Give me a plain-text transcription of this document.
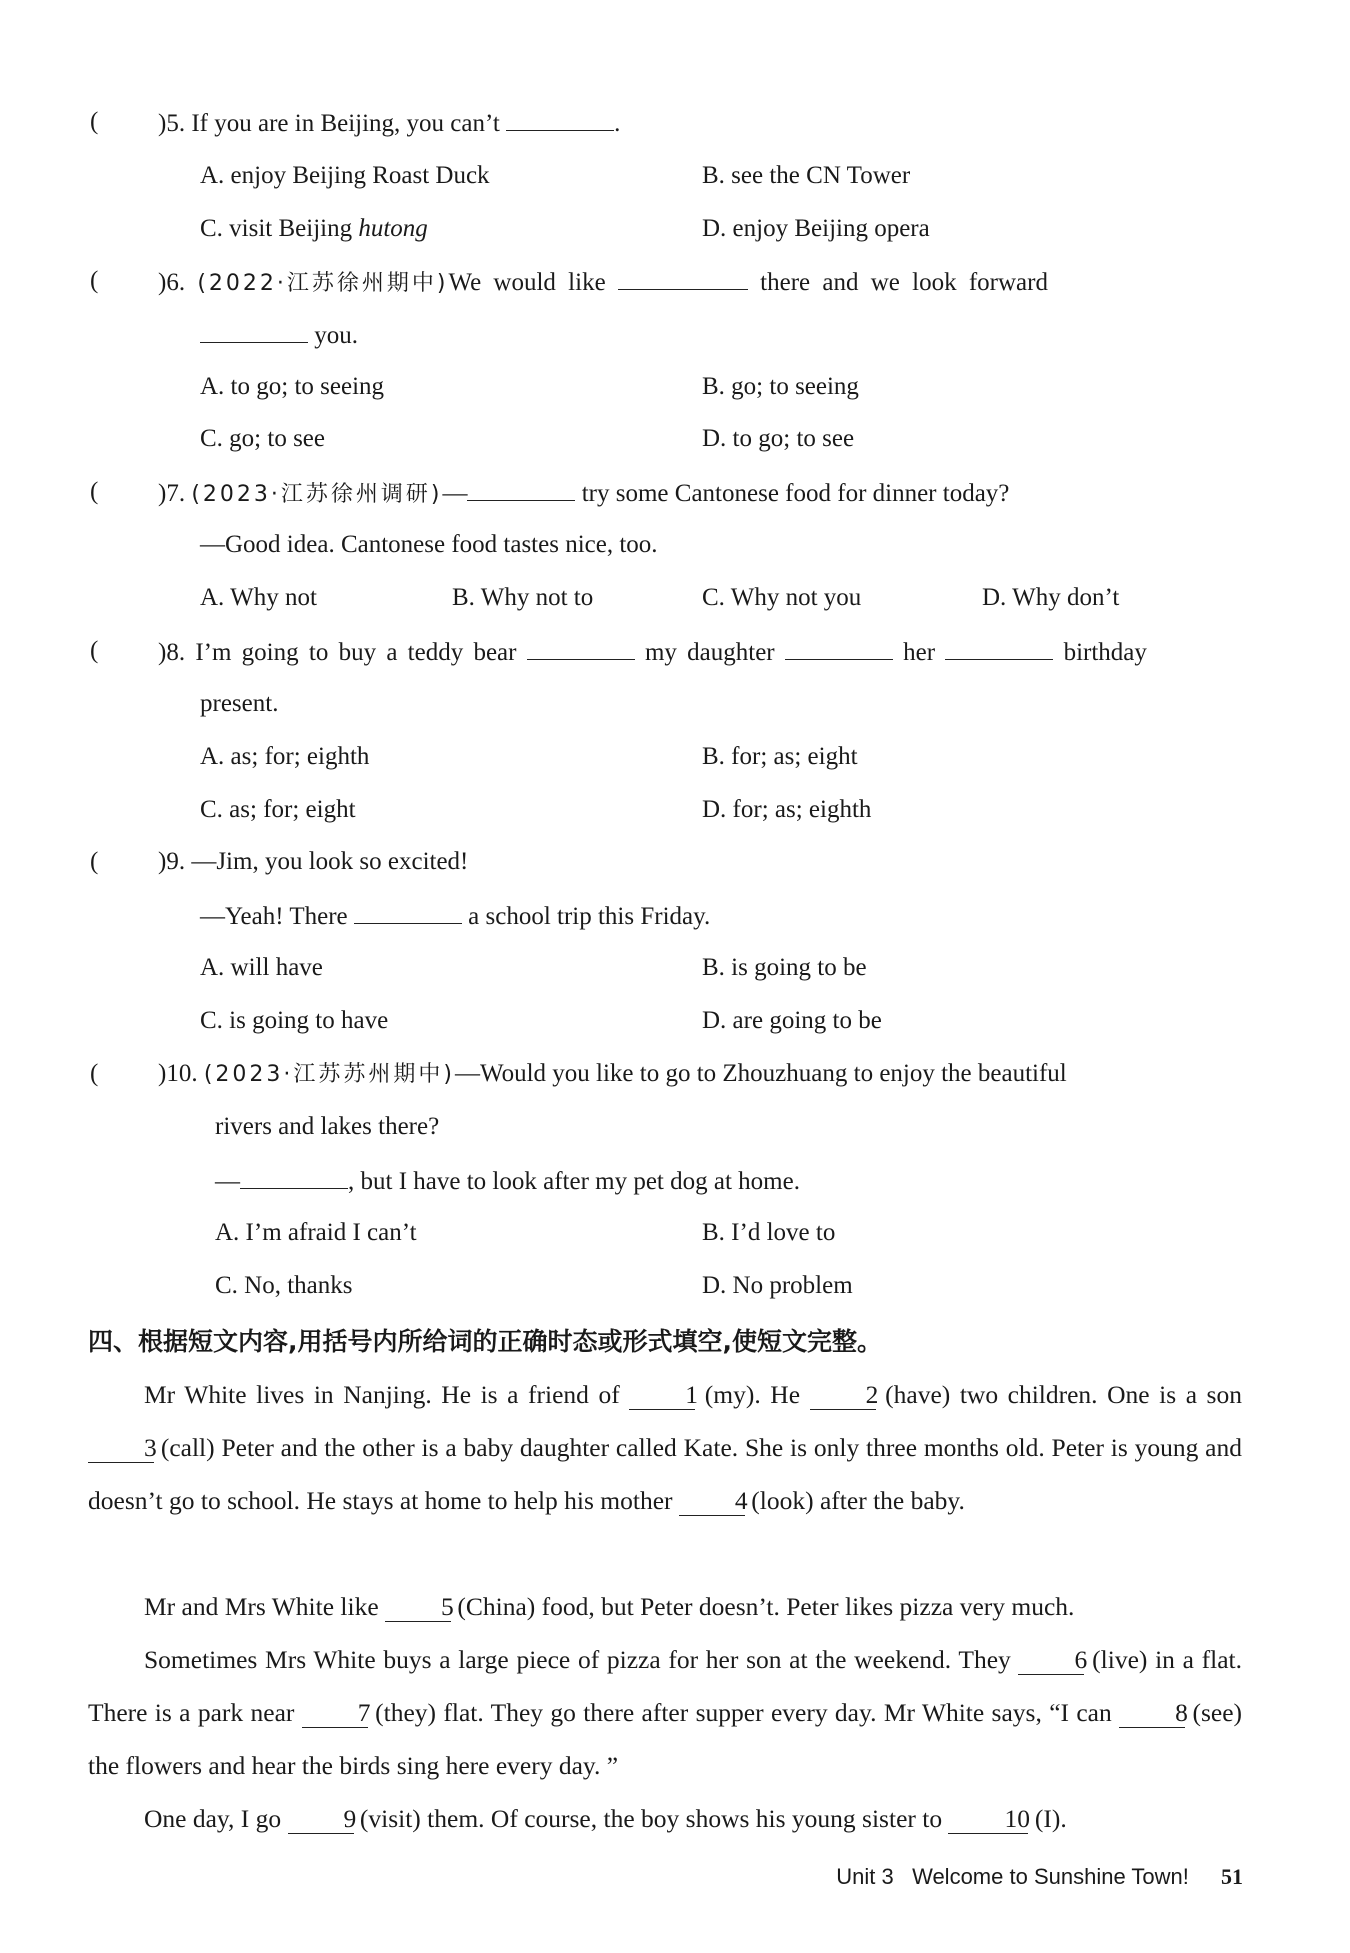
( )5. If you are in Beijing, you can’t	.
A. enjoy Beijing Roast Duck	B. see the CN Tower
C. visit Beijing hutong	D. enjoy Beijing opera
( )6. (2022·江苏徐州期中)We would like	there and we look forward
you.
A. to go; to seeing	B. go; to seeing
C. go; to see	D. to go; to see
( )7. (2023·江苏徐州调研)—	try some Cantonese food for dinner today?
—Good idea. Cantonese food tastes nice, too.
A. Why not	B. Why not to	C. Why not you	D. Why don’t
( )8. I’m going to buy a teddy bear	my daughter	her	birthday
present.
A. as; for; eighth	B. for; as; eight
C. as; for; eight	D. for; as; eighth
( )9. —Jim, you look so excited!
—Yeah! There	a school trip this Friday.
A. will have	B. is going to be
C. is going to have	D. are going to be
( )10. (2023·江苏苏州期中)—Would you like to go to Zhouzhuang to enjoy the beautiful
rivers and lakes there?
—	, but I have to look after my pet dog at home.
A. I’m afraid I can’t	B. I’d love to
C. No, thanks	D. No problem
四、根据短文内容,用括号内所给词的正确时态或形式填空,使短文完整。
Mr White lives in Nanjing. He is a friend of 1 (my). He 2 (have) two children. One is a son 3 (call) Peter and the other is a baby daughter called Kate. She is only three months old. Peter is young and doesn’t go to school. He stays at home to help his mother 4 (look) after the baby.
Mr and Mrs White like 5 (China) food, but Peter doesn’t. Peter likes pizza very much.
Sometimes Mrs White buys a large piece of pizza for her son at the weekend. They 6 (live) in a flat. There is a park near 7 (they) flat. They go there after supper every day. Mr White says, “I can 8 (see) the flowers and hear the birds sing here every day. ”
One day, I go 9 (visit) them. Of course, the boy shows his young sister to 10 (I).
Unit 3 Welcome to Sunshine Town! 51
